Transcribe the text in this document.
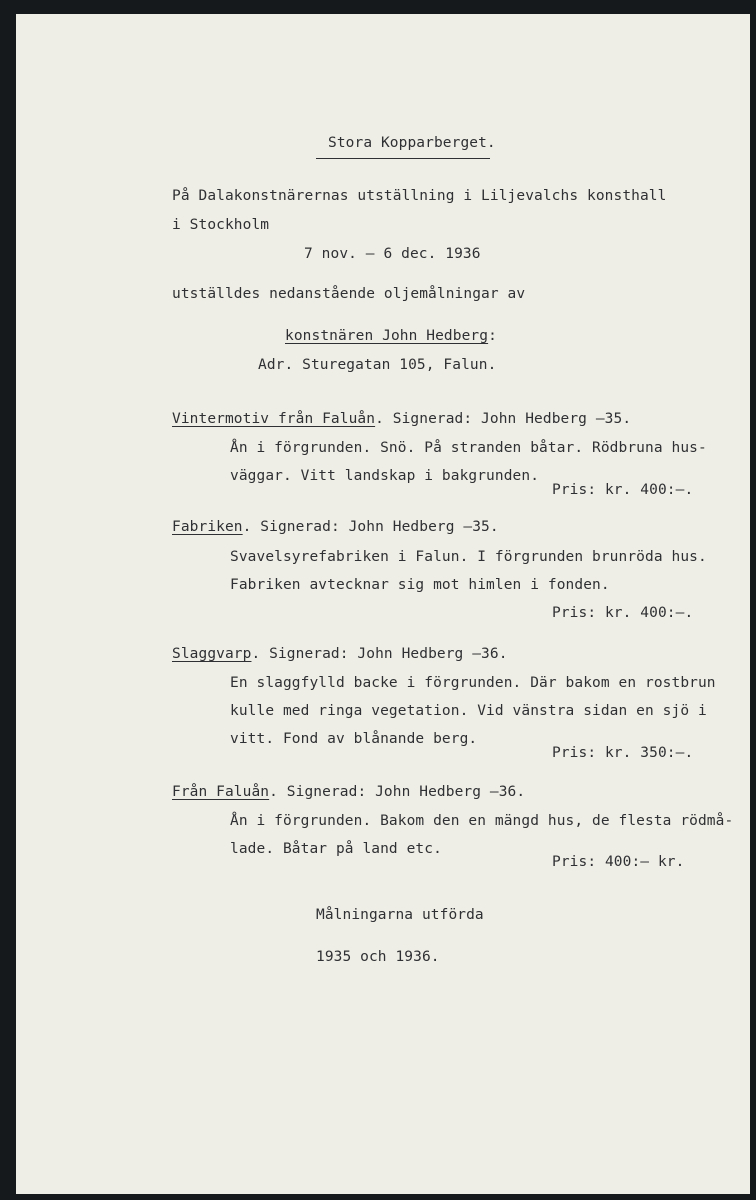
Stora Kopparberget.
På Dalakonstnärernas utställning i Liljevalchs konsthall
i Stockholm
7 nov. – 6 dec. 1936
utställdes nedanstående oljemålningar av
konstnären John Hedberg:
Adr. Sturegatan 105, Falun.
Vintermotiv från Faluån. Signerad: John Hedberg –35.
Ån i förgrunden. Snö. På stranden båtar. Rödbruna hus-
väggar. Vitt landskap i bakgrunden.
Pris: kr. 400:–.
Fabriken. Signerad: John Hedberg –35.
Svavelsyrefabriken i Falun. I förgrunden brunröda hus.
Fabriken avtecknar sig mot himlen i fonden.
Pris: kr. 400:–.
Slaggvarp. Signerad: John Hedberg –36.
En slaggfylld backe i förgrunden. Där bakom en rostbrun
kulle med ringa vegetation. Vid vänstra sidan en sjö i
vitt. Fond av blånande berg.
Pris: kr. 350:–.
Från Faluån. Signerad: John Hedberg –36.
Ån i förgrunden. Bakom den en mängd hus, de flesta rödmå-
lade. Båtar på land etc.
Pris: 400:– kr.
Målningarna utförda
1935 och 1936.
